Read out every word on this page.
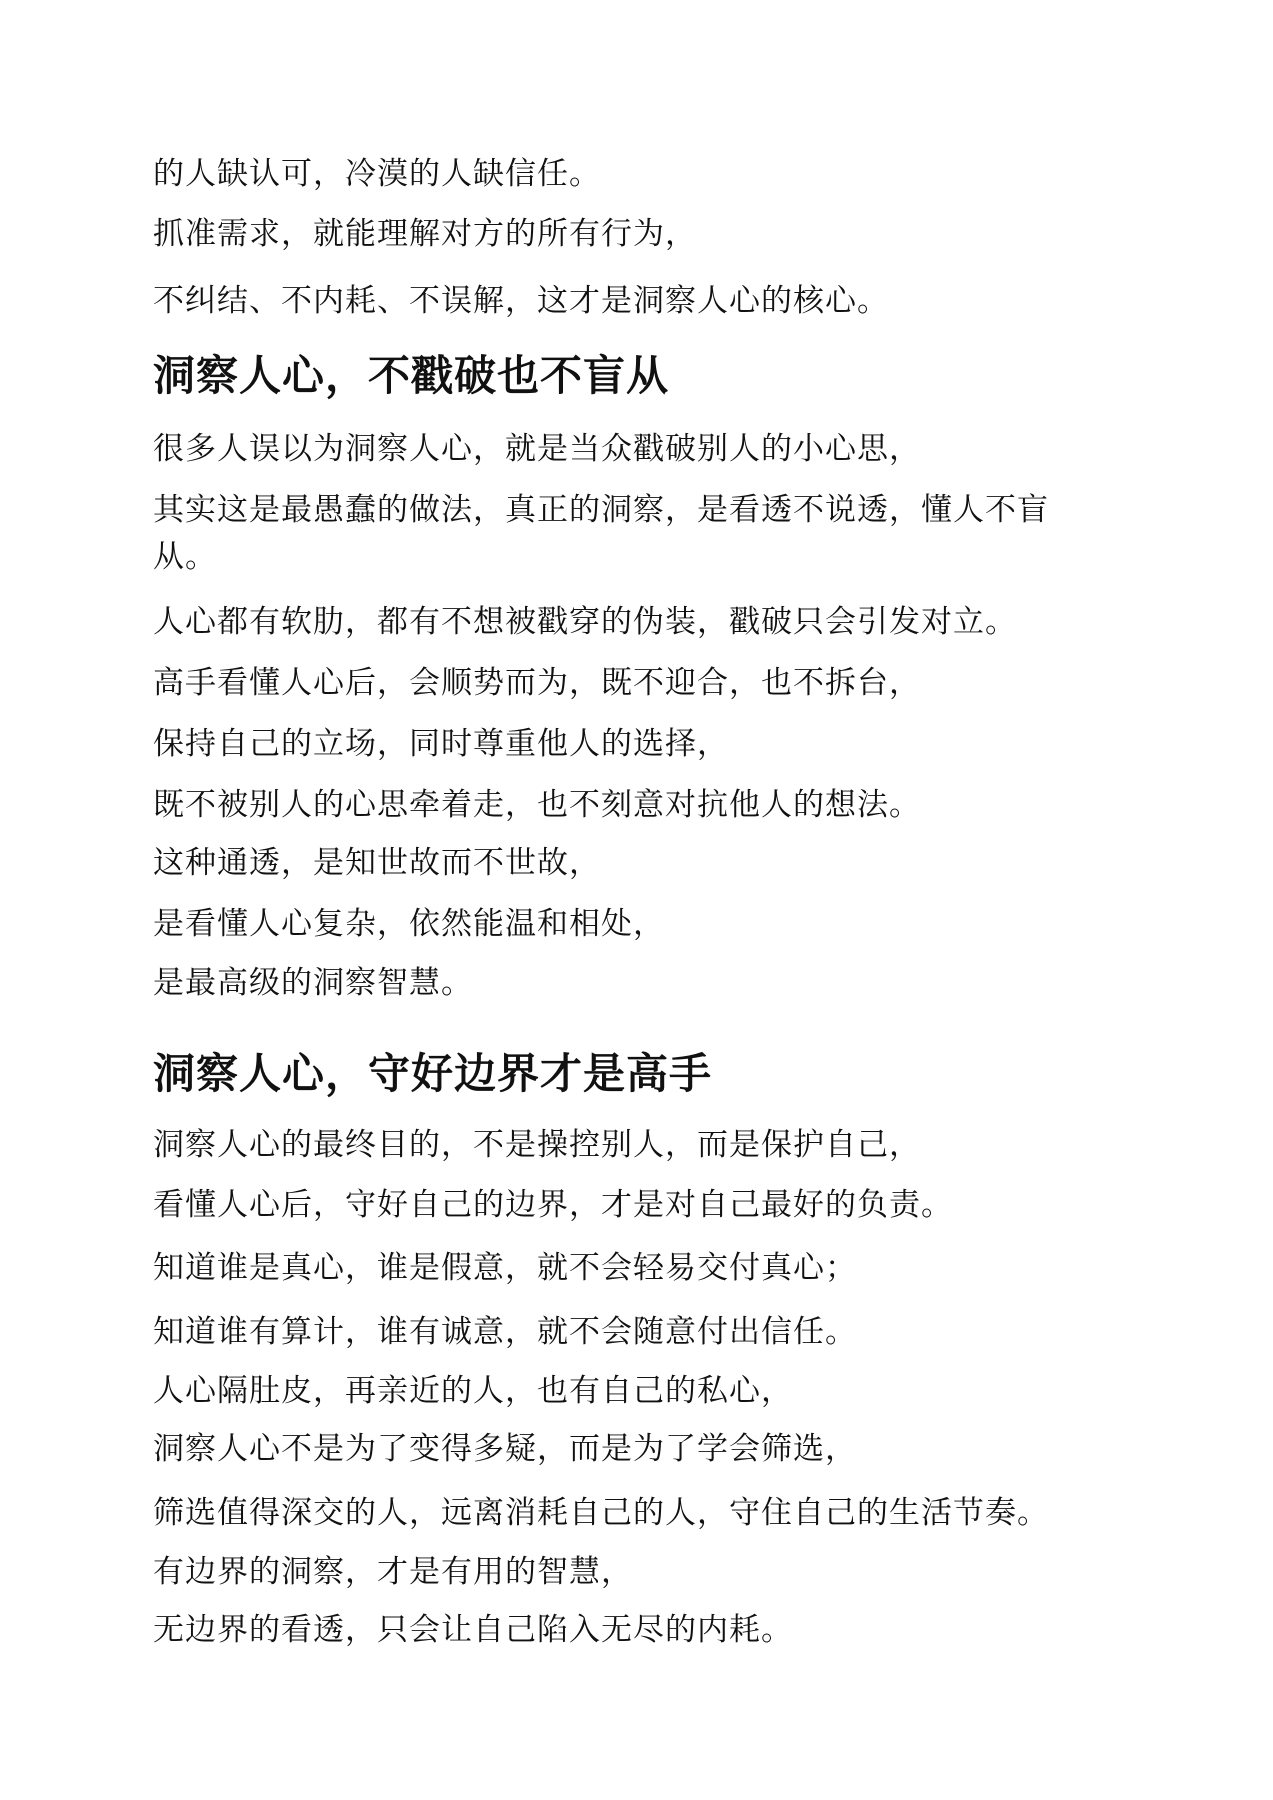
的人缺认可，冷漠的人缺信任。
抓准需求，就能理解对方的所有行为，
不纠结、不内耗、不误解，这才是洞察人心的核心。
洞察人心，不戳破也不盲从
很多人误以为洞察人心，就是当众戳破别人的小心思，
其实这是最愚蠢的做法，真正的洞察，是看透不说透，懂人不盲
从。
人心都有软肋，都有不想被戳穿的伪装，戳破只会引发对立。
高手看懂人心后，会顺势而为，既不迎合，也不拆台，
保持自己的立场，同时尊重他人的选择，
既不被别人的心思牵着走，也不刻意对抗他人的想法。
这种通透，是知世故而不世故，
是看懂人心复杂，依然能温和相处，
是最高级的洞察智慧。
洞察人心，守好边界才是高手
洞察人心的最终目的，不是操控别人，而是保护自己，
看懂人心后，守好自己的边界，才是对自己最好的负责。
知道谁是真心，谁是假意，就不会轻易交付真心；
知道谁有算计，谁有诚意，就不会随意付出信任。
人心隔肚皮，再亲近的人，也有自己的私心，
洞察人心不是为了变得多疑，而是为了学会筛选，
筛选值得深交的人，远离消耗自己的人，守住自己的生活节奏。
有边界的洞察，才是有用的智慧，
无边界的看透，只会让自己陷入无尽的内耗。
